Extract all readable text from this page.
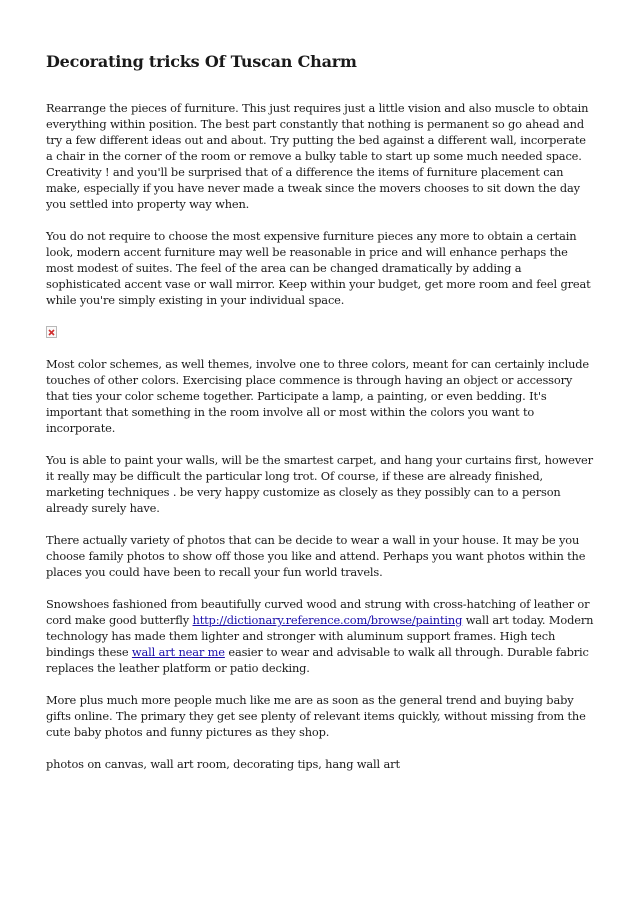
Decorating tricks Of Tuscan Charm

Rearrange the pieces of furniture. This just requires just a little vision and also muscle to obtain everything within position. The best part constantly that nothing is permanent so go ahead and try a few different ideas out and about. Try putting the bed against a different wall, incorperate a chair in the corner of the room or remove a bulky table to start up some much needed space. Creativity ! and you'll be surprised that of a difference the items of furniture placement can make, especially if you have never made a tweak since the movers chooses to sit down the day you settled into property way when.

You do not require to choose the most expensive furniture pieces any more to obtain a certain look, modern accent furniture may well be reasonable in price and will enhance perhaps the most modest of suites. The feel of the area can be changed dramatically by adding a sophisticated accent vase or wall mirror. Keep within your budget, get more room and feel great while you're simply existing in your individual space.

Most color schemes, as well themes, involve one to three colors, meant for can certainly include touches of other colors. Exercising place commence is through having an object or accessory that ties your color scheme together. Participate a lamp, a painting, or even bedding. It's important that something in the room involve all or most within the colors you want to incorporate.

You is able to paint your walls, will be the smartest carpet, and hang your curtains first, however it really may be difficult the particular long trot. Of course, if these are already finished, marketing techniques . be very happy customize as closely as they possibly can to a person already surely have.

There actually variety of photos that can be decide to wear a wall in your house. It may be you choose family photos to show off those you like and attend. Perhaps you want photos within the places you could have been to recall your fun world travels.

Snowshoes fashioned from beautifully curved wood and strung with cross-hatching of leather or cord make good butterfly http://dictionary.reference.com/browse/painting wall art today. Modern technology has made them lighter and stronger with aluminum support frames. High tech bindings these wall art near me easier to wear and advisable to walk all through. Durable fabric replaces the leather platform or patio decking.

More plus much more people much like me are as soon as the general trend and buying baby gifts online. The primary they get see plenty of relevant items quickly, without missing from the cute baby photos and funny pictures as they shop.

photos on canvas, wall art room, decorating tips, hang wall art
